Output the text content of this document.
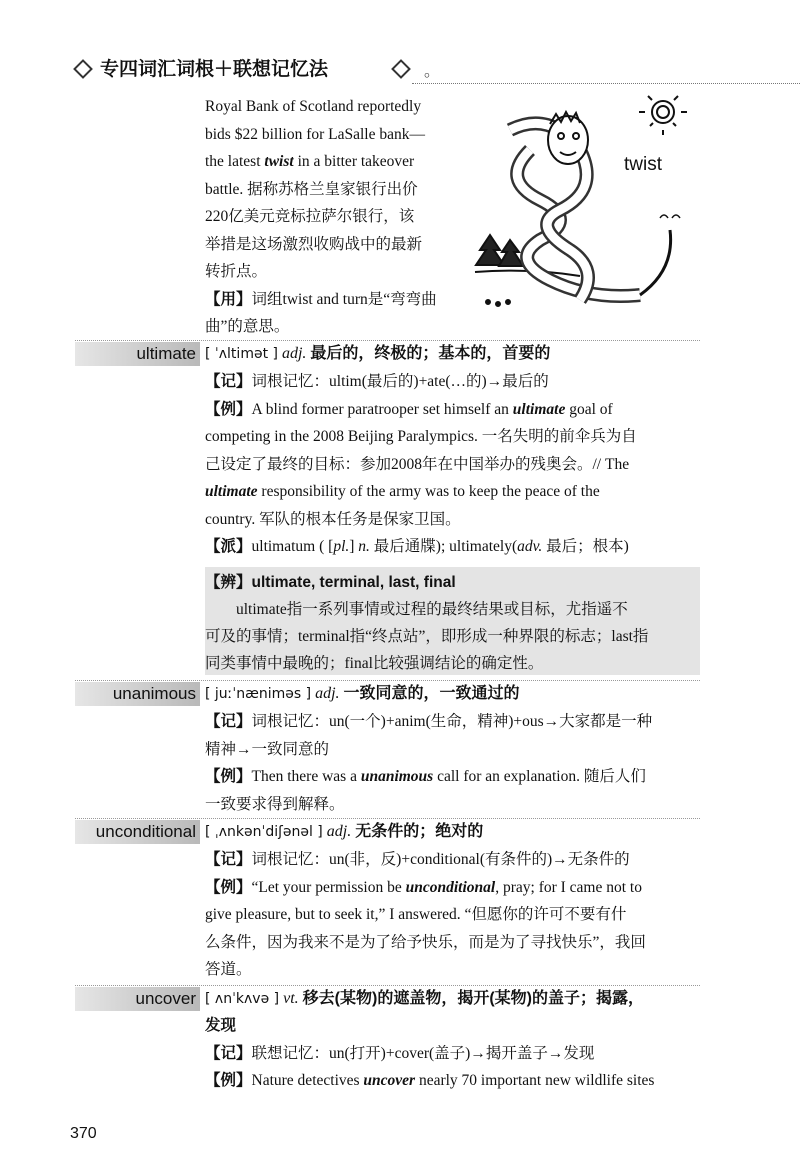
专四词汇词根＋联想记忆法	。
Royal Bank of Scotland reportedly
bids $22 billion for LaSalle bank—
the latest twist in a bitter takeover
battle. 据称苏格兰皇家银行出价
220亿美元竞标拉萨尔银行，该
举措是这场激烈收购战中的最新
转折点。
【用】词组twist and turn是“弯弯曲
曲”的意思。
twist
ultimate [ ˈʌltimət ] adj. 最后的，终极的；基本的，首要的
【记】词根记忆：ultim(最后的)+ate(…的)→最后的
【例】A blind former paratrooper set himself an ultimate goal of
competing in the 2008 Beijing Paralympics. 一名失明的前伞兵为自
己设定了最终的目标：参加2008年在中国举办的残奥会。// The
ultimate responsibility of the army was to keep the peace of the
country. 军队的根本任务是保家卫国。
【派】ultimatum ( [pl.] n. 最后通牒); ultimately(adv. 最后；根本)
【辨】ultimate, terminal, last, final
ultimate指一系列事情或过程的最终结果或目标，尤指遥不
可及的事情；terminal指“终点站”，即形成一种界限的标志；last指
同类事情中最晚的；final比较强调结论的确定性。
unanimous [ juːˈnæniməs ] adj. 一致同意的，一致通过的
【记】词根记忆：un(一个)+anim(生命，精神)+ous→大家都是一种
精神→一致同意的
【例】Then there was a unanimous call for an explanation. 随后人们
一致要求得到解释。
unconditional [ ˌʌnkənˈdiʃənəl ] adj. 无条件的；绝对的
【记】词根记忆：un(非，反)+conditional(有条件的)→无条件的
【例】“Let your permission be unconditional, pray; for I came not to
give pleasure, but to seek it,” I answered. “但愿你的许可不要有什
么条件，因为我来不是为了给予快乐，而是为了寻找快乐”，我回
答道。
uncover [ ʌnˈkʌvə ] vt. 移去(某物)的遮盖物，揭开(某物)的盖子；揭露，
发现
【记】联想记忆：un(打开)+cover(盖子)→揭开盖子→发现
【例】Nature detectives uncover nearly 70 important new wildlife sites
370
